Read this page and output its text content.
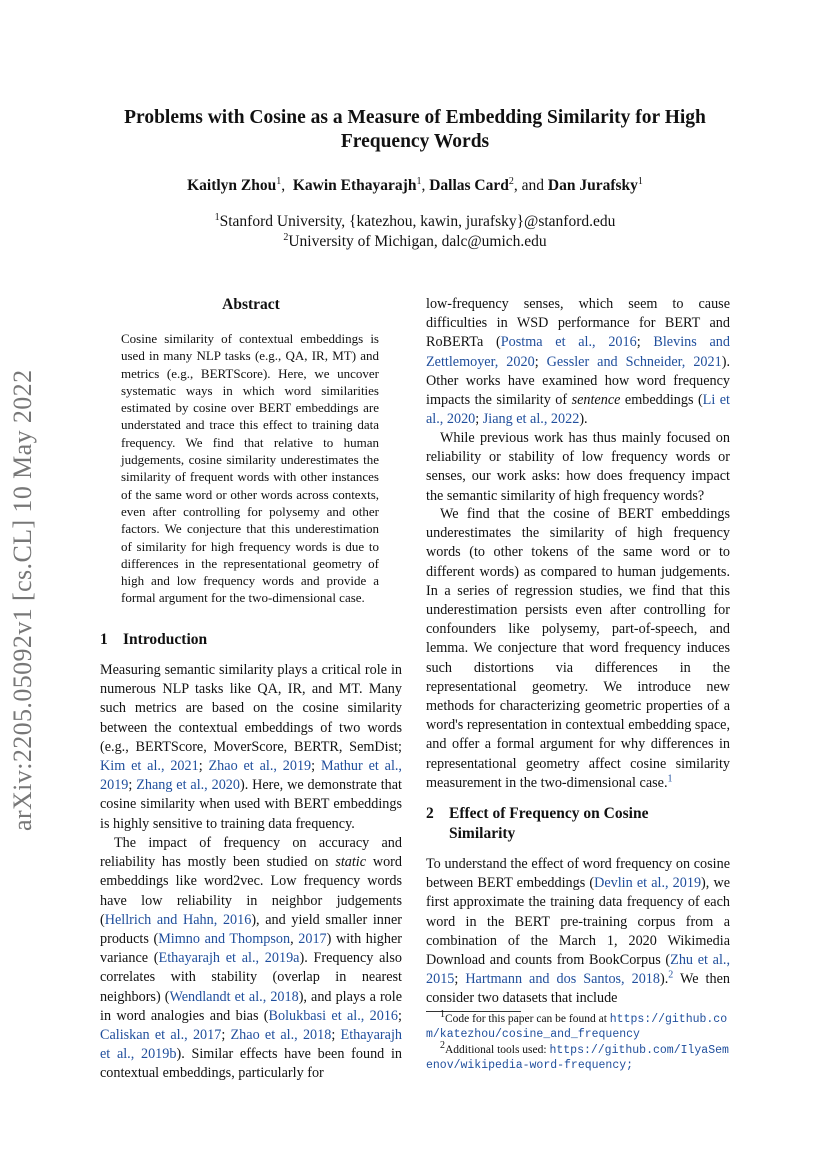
arXiv:2205.05092v1 [cs.CL] 10 May 2022
Problems with Cosine as a Measure of Embedding Similarity for High Frequency Words
Kaitlyn Zhou$^1$,  Kawin Ethayarajh$^1$, Dallas Card$^2$, and Dan Jurafsky$^1$
$^1$Stanford University, {katezhou, kawin, jurafsky}@stanford.edu
$^2$University of Michigan, dalc@umich.edu
Abstract
Cosine similarity of contextual embeddings is used in many NLP tasks (e.g., QA, IR, MT) and metrics (e.g., BERTScore). Here, we uncover systematic ways in which word similarities estimated by cosine over BERT embeddings are understated and trace this effect to training data frequency. We find that relative to human judgements, cosine similarity underestimates the similarity of frequent words with other instances of the same word or other words across contexts, even after controlling for polysemy and other factors. We conjecture that this underestimation of similarity for high frequency words is due to differences in the representational geometry of high and low frequency words and provide a formal argument for the two-dimensional case.
1 Introduction

Measuring semantic similarity plays a critical role in numerous NLP tasks like QA, IR, and MT. Many such metrics are based on the cosine similarity between the contextual embeddings of two words (e.g., BERTScore, MoverScore, BERTR, SemDist; Kim et al., 2021; Zhao et al., 2019; Mathur et al., 2019; Zhang et al., 2020). Here, we demonstrate that cosine similarity when used with BERT embeddings is highly sensitive to training data frequency.

The impact of frequency on accuracy and reliability has mostly been studied on static word embeddings like word2vec. Low frequency words have low reliability in neighbor judgements (Hellrich and Hahn, 2016), and yield smaller inner products (Mimno and Thompson, 2017) with higher variance (Ethayarajh et al., 2019a). Frequency also correlates with stability (overlap in nearest neighbors) (Wendlandt et al., 2018), and plays a role in word analogies and bias (Bolukbasi et al., 2016; Caliskan et al., 2017; Zhao et al., 2018; Ethayarajh et al., 2019b). Similar effects have been found in contextual embeddings, particularly for

low-frequency senses, which seem to cause difficulties in WSD performance for BERT and RoBERTa (Postma et al., 2016; Blevins and Zettlemoyer, 2020; Gessler and Schneider, 2021). Other works have examined how word frequency impacts the similarity of sentence embeddings (Li et al., 2020; Jiang et al., 2022).

While previous work has thus mainly focused on reliability or stability of low frequency words or senses, our work asks: how does frequency impact the semantic similarity of high frequency words?

We find that the cosine of BERT embeddings underestimates the similarity of high frequency words (to other tokens of the same word or to different words) as compared to human judgements. In a series of regression studies, we find that this underestimation persists even after controlling for confounders like polysemy, part-of-speech, and lemma. We conjecture that word frequency induces such distortions via differences in the representational geometry. We introduce new methods for characterizing geometric properties of a word's representation in contextual embedding space, and offer a formal argument for why differences in representational geometry affect cosine similarity measurement in the two-dimensional case.$^1$

2 Effect of Frequency on Cosine Similarity

To understand the effect of word frequency on cosine between BERT embeddings (Devlin et al., 2019), we first approximate the training data frequency of each word in the BERT pre-training corpus from a combination of the March 1, 2020 Wikimedia Download and counts from BookCorpus (Zhu et al., 2015; Hartmann and dos Santos, 2018).$^2$ We then consider two datasets that include

$^1$Code for this paper can be found at https://github.com/katezhou/cosine_and_frequency
$^2$Additional tools used: https://github.com/IlyaSemenov/wikipedia-word-frequency;
